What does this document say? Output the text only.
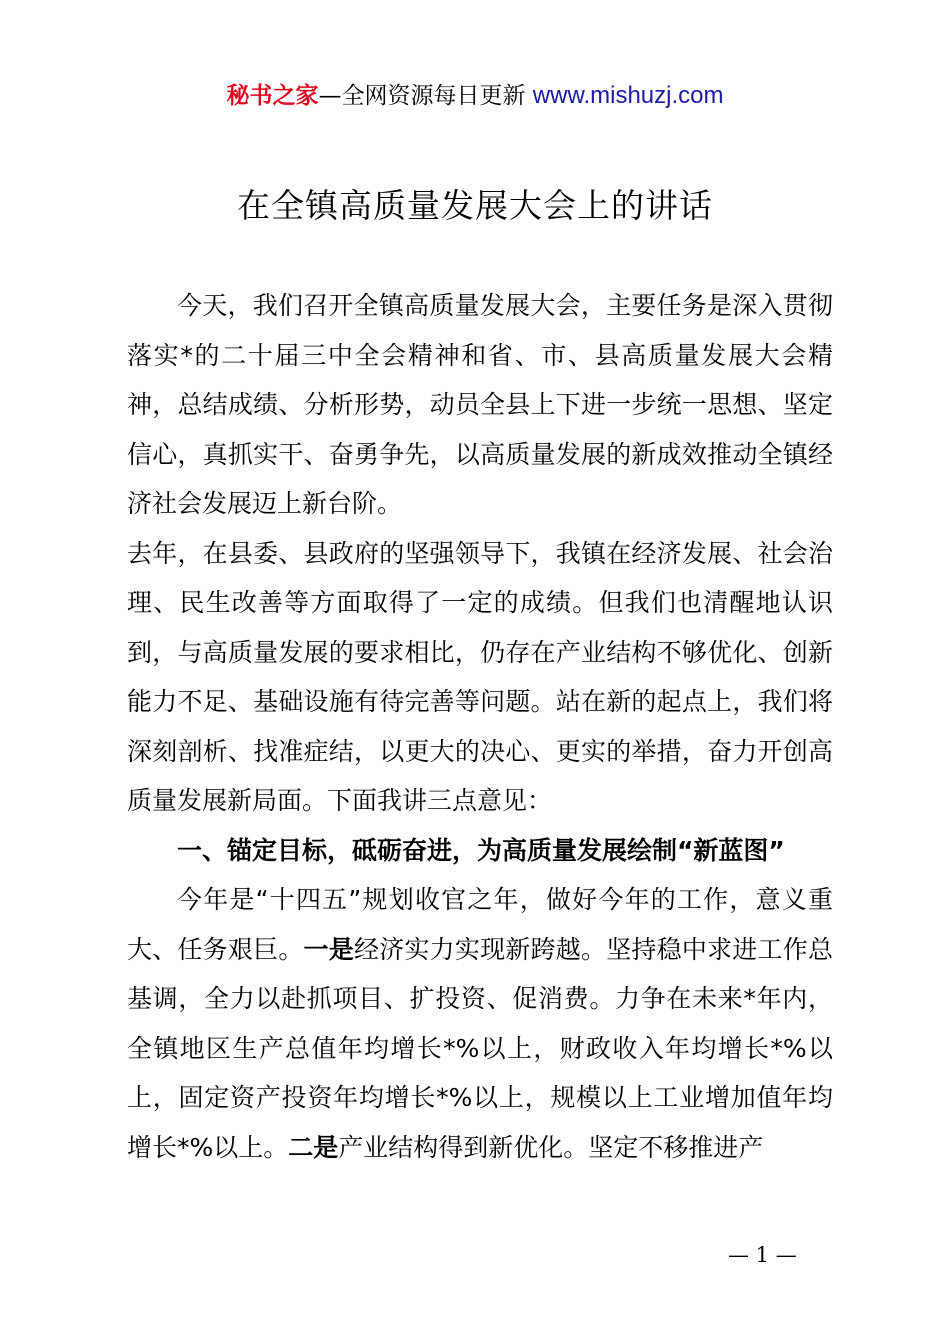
秘书之家—全网资源每日更新 www.mishuzj.com
在全镇高质量发展大会上的讲话

今天，我们召开全镇高质量发展大会，主要任务是深入贯彻落实*的二十届三中全会精神和省、市、县高质量发展大会精神，总结成绩、分析形势，动员全县上下进一步统一思想、坚定信心，真抓实干、奋勇争先，以高质量发展的新成效推动全镇经济社会发展迈上新台阶。

去年，在县委、县政府的坚强领导下，我镇在经济发展、社会治理、民生改善等方面取得了一定的成绩。但我们也清醒地认识到，与高质量发展的要求相比，仍存在产业结构不够优化、创新能力不足、基础设施有待完善等问题。站在新的起点上，我们将深刻剖析、找准症结，以更大的决心、更实的举措，奋力开创高质量发展新局面。下面我讲三点意见：

一、锚定目标，砥砺奋进，为高质量发展绘制“新蓝图”

今年是“十四五”规划收官之年，做好今年的工作，意义重大、任务艰巨。一是经济实力实现新跨越。坚持稳中求进工作总基调，全力以赴抓项目、扩投资、促消费。力争在未来*年内，全镇地区生产总值年均增长*%以上，财政收入年均增长*%以上，固定资产投资年均增长*%以上，规模以上工业增加值年均增长*%以上。二是产业结构得到新优化。坚定不移推进产

— 1 —
